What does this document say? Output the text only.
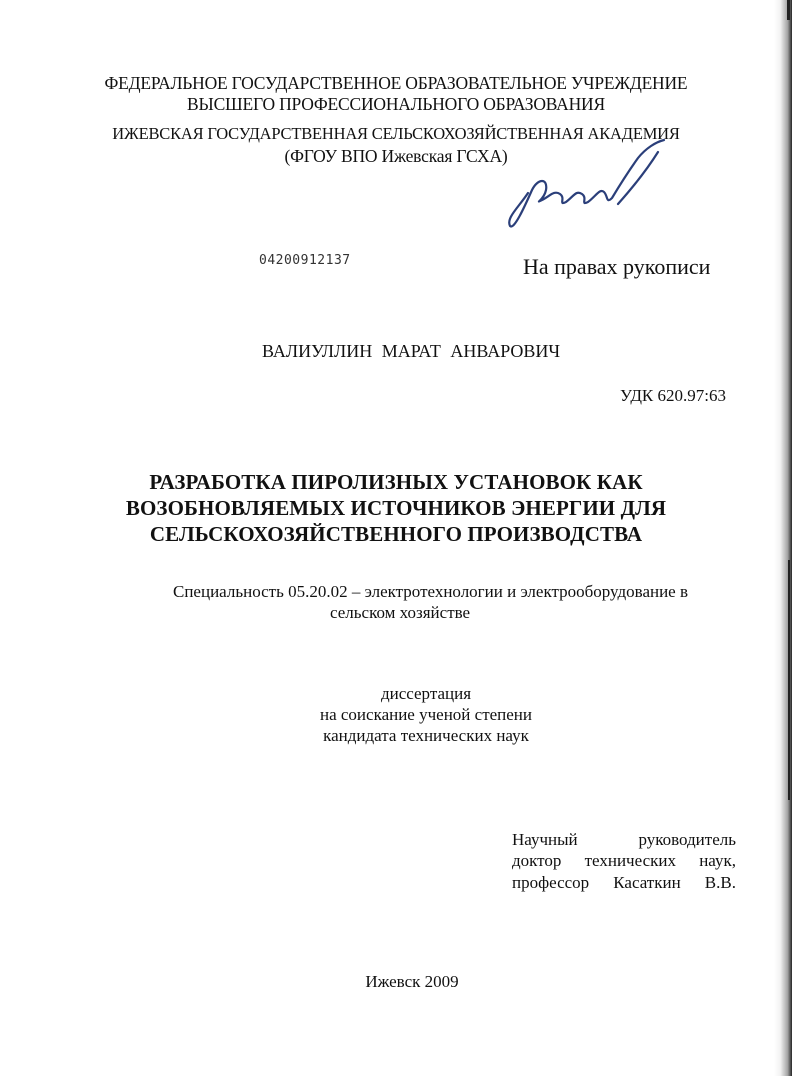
ФЕДЕРАЛЬНОЕ ГОСУДАРСТВЕННОЕ ОБРАЗОВАТЕЛЬНОЕ УЧРЕЖДЕНИЕ
ВЫСШЕГО ПРОФЕССИОНАЛЬНОГО ОБРАЗОВАНИЯ
ИЖЕВСКАЯ ГОСУДАРСТВЕННАЯ СЕЛЬСКОХОЗЯЙСТВЕННАЯ АКАДЕМИЯ
(ФГОУ ВПО Ижевская ГСХА)
04200912137	На правах рукописи
ВАЛИУЛЛИН МАРАТ АНВАРОВИЧ
УДК 620.97:63
РАЗРАБОТКА ПИРОЛИЗНЫХ УСТАНОВОК КАК
ВОЗОБНОВЛЯЕМЫХ ИСТОЧНИКОВ ЭНЕРГИИ ДЛЯ
СЕЛЬСКОХОЗЯЙСТВЕННОГО ПРОИЗВОДСТВА
Специальность 05.20.02 – электротехнологии и электрооборудование в
сельском хозяйстве
диссертация
на соискание ученой степени
кандидата технических наук
Научный руководитель
доктор технических наук,
профессор Касаткин В.В.
Ижевск 2009
